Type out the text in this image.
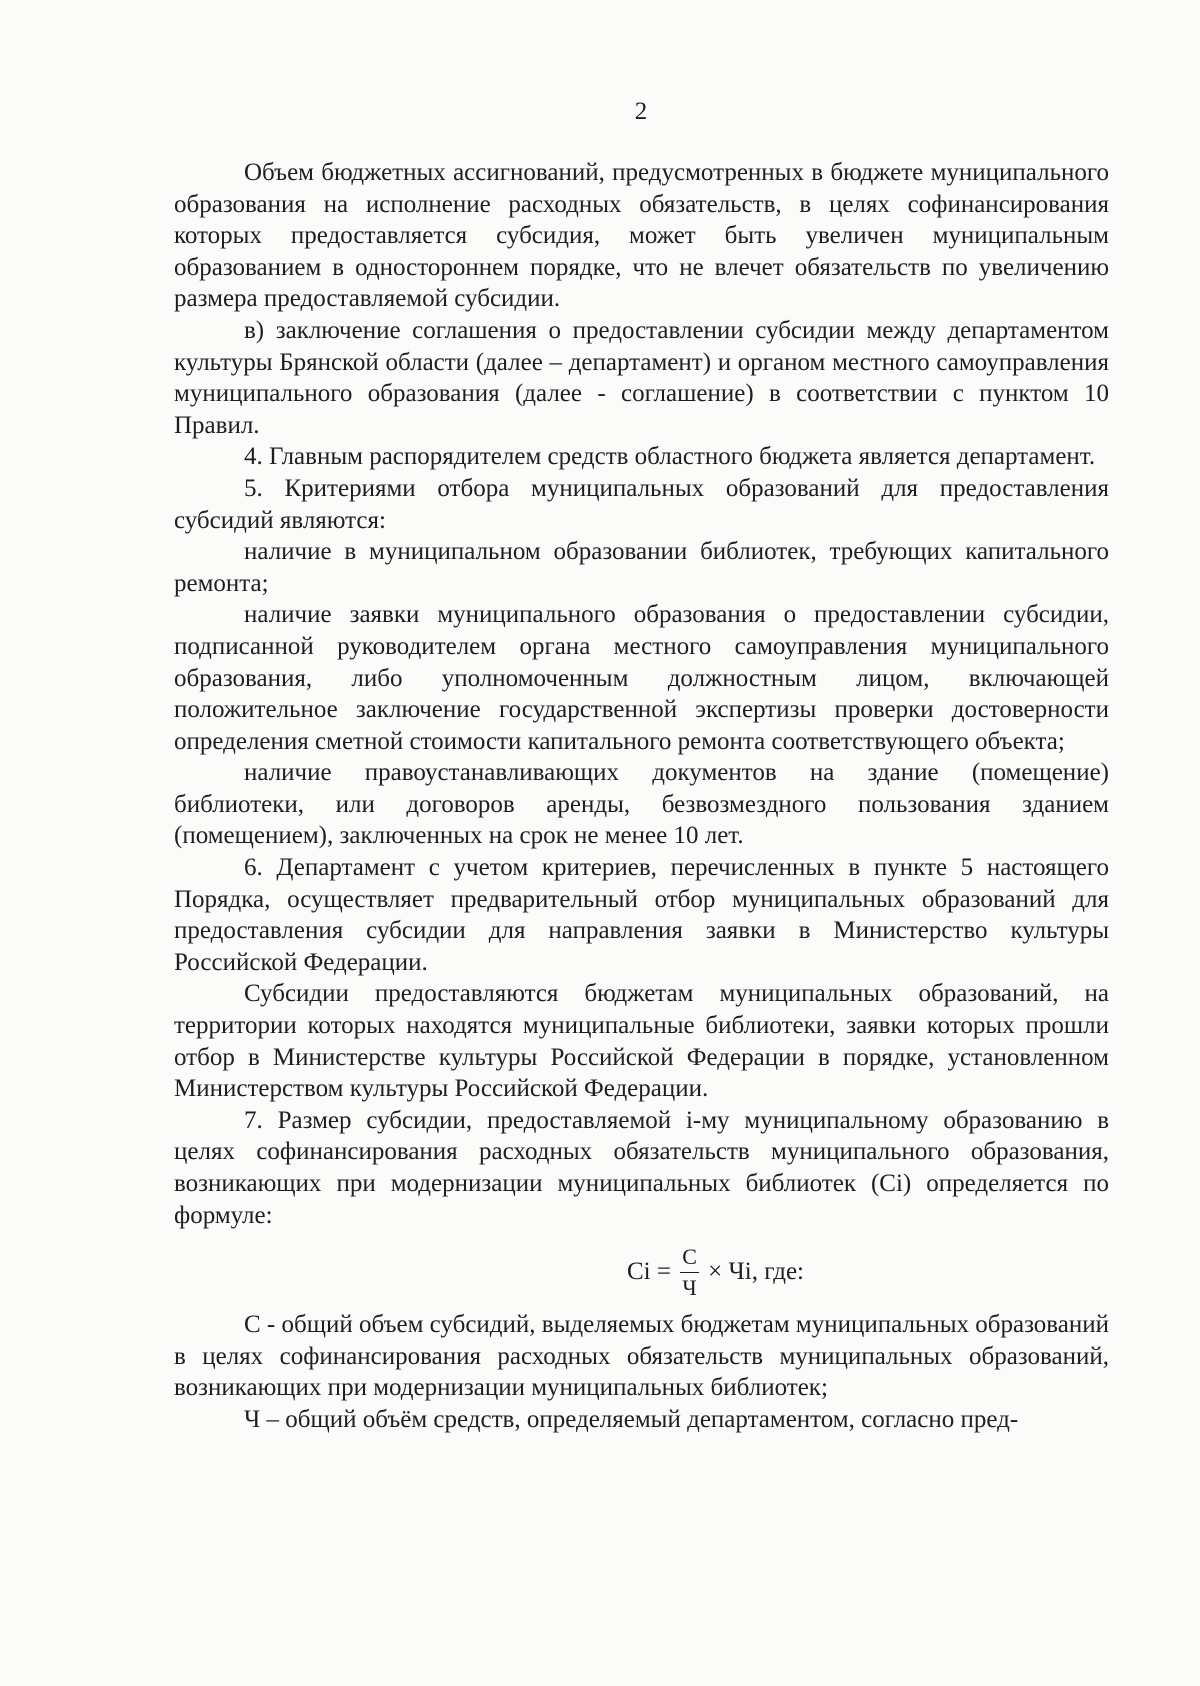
2

Объем бюджетных ассигнований, предусмотренных в бюджете муниципального образования на исполнение расходных обязательств, в целях софинансирования которых предоставляется субсидия, может быть увеличен муниципальным образованием в одностороннем порядке, что не влечет обязательств по увеличению размера предоставляемой субсидии.

в) заключение соглашения о предоставлении субсидии между департаментом культуры Брянской области (далее – департамент) и органом местного самоуправления муниципального образования (далее - соглашение) в соответствии с пунктом 10 Правил.

4. Главным распорядителем средств областного бюджета является департамент.

5. Критериями отбора муниципальных образований для предоставления субсидий являются:

наличие в муниципальном образовании библиотек, требующих капитального ремонта;

наличие заявки муниципального образования о предоставлении субсидии, подписанной руководителем органа местного самоуправления муниципального образования, либо уполномоченным должностным лицом, включающей положительное заключение государственной экспертизы проверки достоверности определения сметной стоимости капитального ремонта соответствующего объекта;

наличие правоустанавливающих документов на здание (помещение) библиотеки, или договоров аренды, безвозмездного пользования зданием (помещением), заключенных на срок не менее 10 лет.

6. Департамент с учетом критериев, перечисленных в пункте 5 настоящего Порядка, осуществляет предварительный отбор муниципальных образований для предоставления субсидии для направления заявки в Министерство культуры Российской Федерации.

Субсидии предоставляются бюджетам муниципальных образований, на территории которых находятся муниципальные библиотеки, заявки которых прошли отбор в Министерстве культуры Российской Федерации в порядке, установленном Министерством культуры Российской Федерации.

7. Размер субсидии, предоставляемой i-му муниципальному образованию в целях софинансирования расходных обязательств муниципального образования, возникающих при модернизации муниципальных библиотек (Ci) определяется по формуле:

$Ci = \frac{С}{Ч}$ × Чi, где:

С - общий объем субсидий, выделяемых бюджетам муниципальных образований в целях софинансирования расходных обязательств муниципальных образований, возникающих при модернизации муниципальных библиотек;

Ч – общий объём средств, определяемый департаментом, согласно пред-
